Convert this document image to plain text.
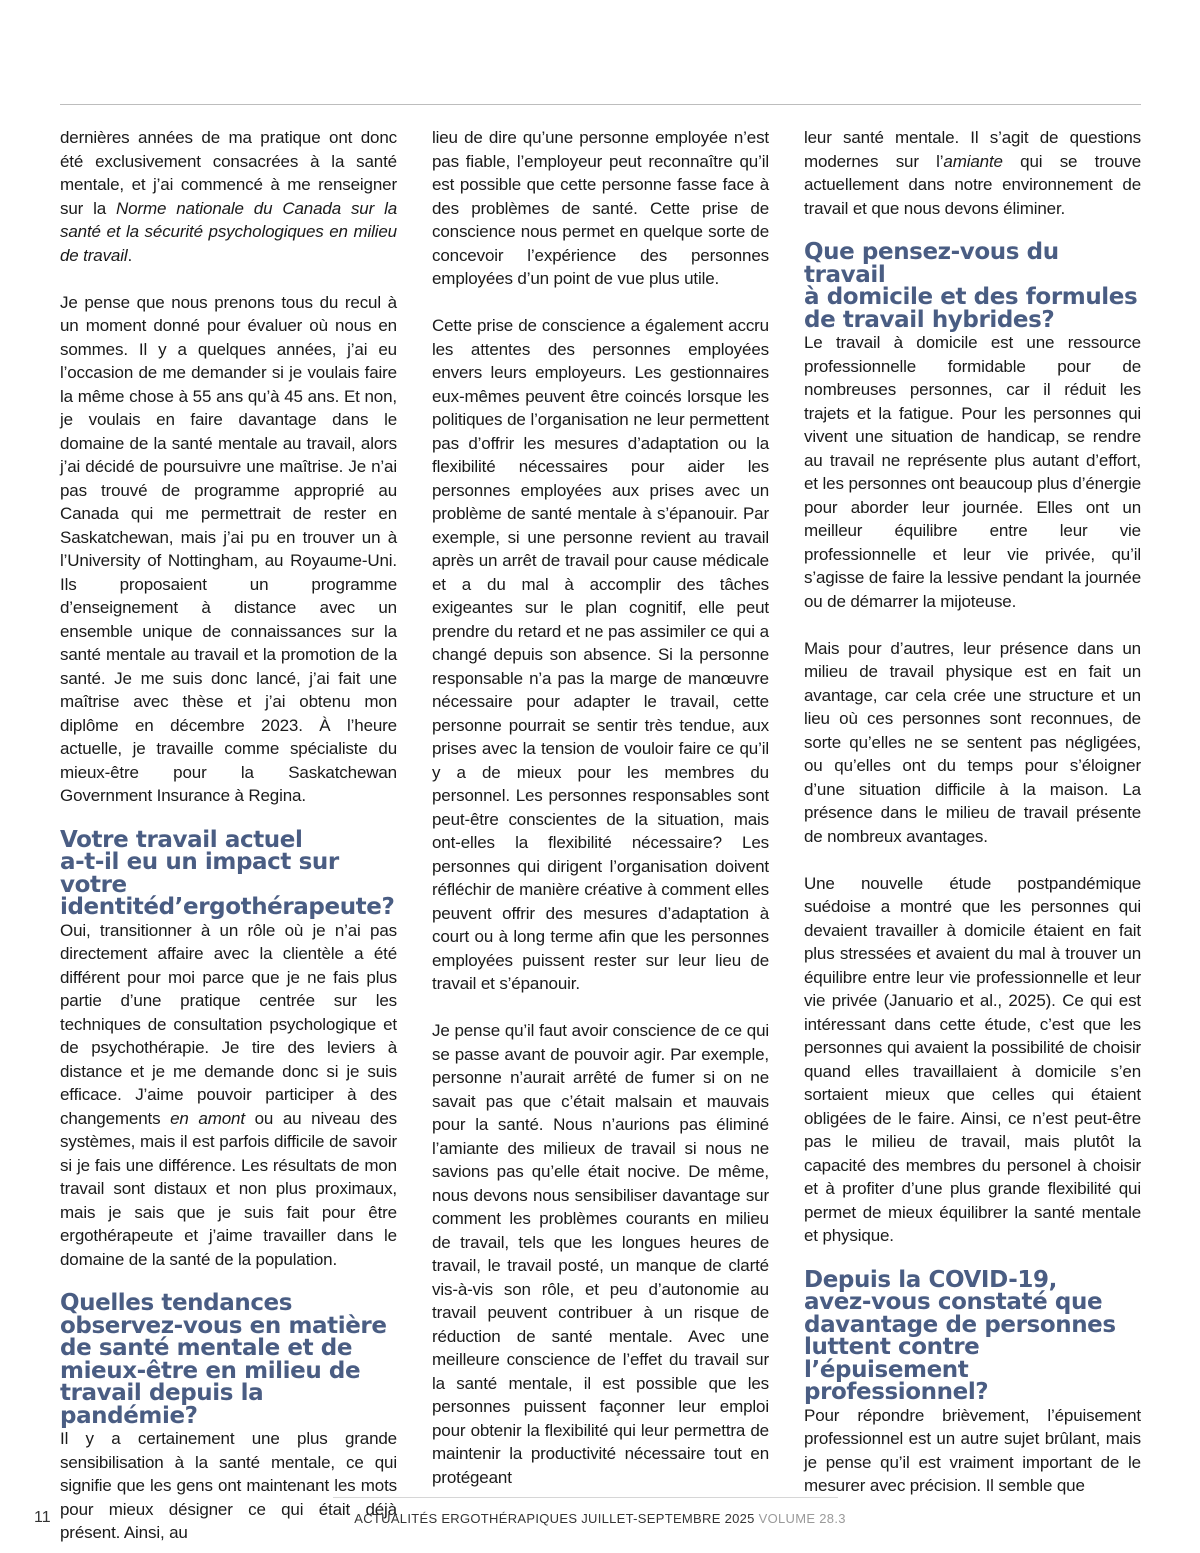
dernières années de ma pratique ont donc été exclusivement consacrées à la santé mentale, et j’ai commencé à me renseigner sur la Norme nationale du Canada sur la santé et la sécurité psychologiques en milieu de travail.

Je pense que nous prenons tous du recul à un moment donné pour évaluer où nous en sommes. Il y a quelques années, j’ai eu l’occasion de me demander si je voulais faire la même chose à 55 ans qu’à 45 ans. Et non, je voulais en faire davantage dans le domaine de la santé mentale au travail, alors j’ai décidé de poursuivre une maîtrise. Je n’ai pas trouvé de programme approprié au Canada qui me permettrait de rester en Saskatchewan, mais j’ai pu en trouver un à l’University of Nottingham, au Royaume-Uni. Ils proposaient un programme d’enseignement à distance avec un ensemble unique de connaissances sur la santé mentale au travail et la promotion de la santé. Je me suis donc lancé, j’ai fait une maîtrise avec thèse et j’ai obtenu mon diplôme en décembre 2023. À l’heure actuelle, je travaille comme spécialiste du mieux-être pour la Saskatchewan Government Insurance à Regina.

Votre travail actuel
a-t-il eu un impact sur votre
identitéd’ergothérapeute?

Oui, transitionner à un rôle où je n’ai pas directement affaire avec la clientèle a été différent pour moi parce que je ne fais plus partie d’une pratique centrée sur les techniques de consultation psychologique et de psychothérapie. Je tire des leviers à distance et je me demande donc si je suis efficace. J’aime pouvoir participer à des changements en amont ou au niveau des systèmes, mais il est parfois difficile de savoir si je fais une différence. Les résultats de mon travail sont distaux et non plus proximaux, mais je sais que je suis fait pour être ergothérapeute et j’aime travailler dans le domaine de la santé de la population.

Quelles tendances
observez-vous en matière
de santé mentale et de
mieux-être en milieu de
travail depuis la pandémie?

Il y a certainement une plus grande sensibilisation à la santé mentale, ce qui signifie que les gens ont maintenant les mots pour mieux désigner ce qui était déjà présent. Ainsi, au

lieu de dire qu’une personne employée n’est pas fiable, l’employeur peut reconnaître qu’il est possible que cette personne fasse face à des problèmes de santé. Cette prise de conscience nous permet en quelque sorte de concevoir l’expérience des personnes employées d’un point de vue plus utile.

Cette prise de conscience a également accru les attentes des personnes employées envers leurs employeurs. Les gestionnaires eux-mêmes peuvent être coincés lorsque les politiques de l’organisation ne leur permettent pas d’offrir les mesures d’adaptation ou la flexibilité nécessaires pour aider les personnes employées aux prises avec un problème de santé mentale à s’épanouir. Par exemple, si une personne revient au travail après un arrêt de travail pour cause médicale et a du mal à accomplir des tâches exigeantes sur le plan cognitif, elle peut prendre du retard et ne pas assimiler ce qui a changé depuis son absence. Si la personne responsable n’a pas la marge de manœuvre nécessaire pour adapter le travail, cette personne pourrait se sentir très tendue, aux prises avec la tension de vouloir faire ce qu’il y a de mieux pour les membres du personnel. Les personnes responsables sont peut-être conscientes de la situation, mais ont-elles la flexibilité nécessaire? Les personnes qui dirigent l’organisation doivent réfléchir de manière créative à comment elles peuvent offrir des mesures d’adaptation à court ou à long terme afin que les personnes employées puissent rester sur leur lieu de travail et s’épanouir.

Je pense qu’il faut avoir conscience de ce qui se passe avant de pouvoir agir. Par exemple, personne n’aurait arrêté de fumer si on ne savait pas que c’était malsain et mauvais pour la santé. Nous n’aurions pas éliminé l’amiante des milieux de travail si nous ne savions pas qu’elle était nocive. De même, nous devons nous sensibiliser davantage sur comment les problèmes courants en milieu de travail, tels que les longues heures de travail, le travail posté, un manque de clarté vis-à-vis son rôle, et peu d’autonomie au travail peuvent contribuer à un risque de réduction de santé mentale. Avec une meilleure conscience de l’effet du travail sur la santé mentale, il est possible que les personnes puissent façonner leur emploi pour obtenir la flexibilité qui leur permettra de maintenir la productivité nécessaire tout en protégeant

leur santé mentale. Il s’agit de questions modernes sur l’amiante qui se trouve actuellement dans notre environnement de travail et que nous devons éliminer.

Que pensez-vous du travail
à domicile et des formules
de travail hybrides?

Le travail à domicile est une ressource professionnelle formidable pour de nombreuses personnes, car il réduit les trajets et la fatigue. Pour les personnes qui vivent une situation de handicap, se rendre au travail ne représente plus autant d’effort, et les personnes ont beaucoup plus d’énergie pour aborder leur journée. Elles ont un meilleur équilibre entre leur vie professionnelle et leur vie privée, qu’il s’agisse de faire la lessive pendant la journée ou de démarrer la mijoteuse.

Mais pour d’autres, leur présence dans un milieu de travail physique est en fait un avantage, car cela crée une structure et un lieu où ces personnes sont reconnues, de sorte qu’elles ne se sentent pas négligées, ou qu’elles ont du temps pour s’éloigner d’une situation difficile à la maison. La présence dans le milieu de travail présente de nombreux avantages.

Une nouvelle étude postpandémique suédoise a montré que les personnes qui devaient travailler à domicile étaient en fait plus stressées et avaient du mal à trouver un équilibre entre leur vie professionnelle et leur vie privée (Januario et al., 2025). Ce qui est intéressant dans cette étude, c’est que les personnes qui avaient la possibilité de choisir quand elles travaillaient à domicile s’en sortaient mieux que celles qui étaient obligées de le faire. Ainsi, ce n’est peut-être pas le milieu de travail, mais plutôt la capacité des membres du personel à choisir et à profiter d’une plus grande flexibilité qui permet de mieux équilibrer la santé mentale et physique.

Depuis la COVID-19,
avez-vous constaté que
davantage de personnes
luttent contre l’épuisement
professionnel?

Pour répondre brièvement, l’épuisement professionnel est un autre sujet brûlant, mais je pense qu’il est vraiment important de le mesurer avec précision. Il semble que

11	ACTUALITÉS ERGOTHÉRAPIQUES JUILLET-SEPTEMBRE 2025 VOLUME 28.3
